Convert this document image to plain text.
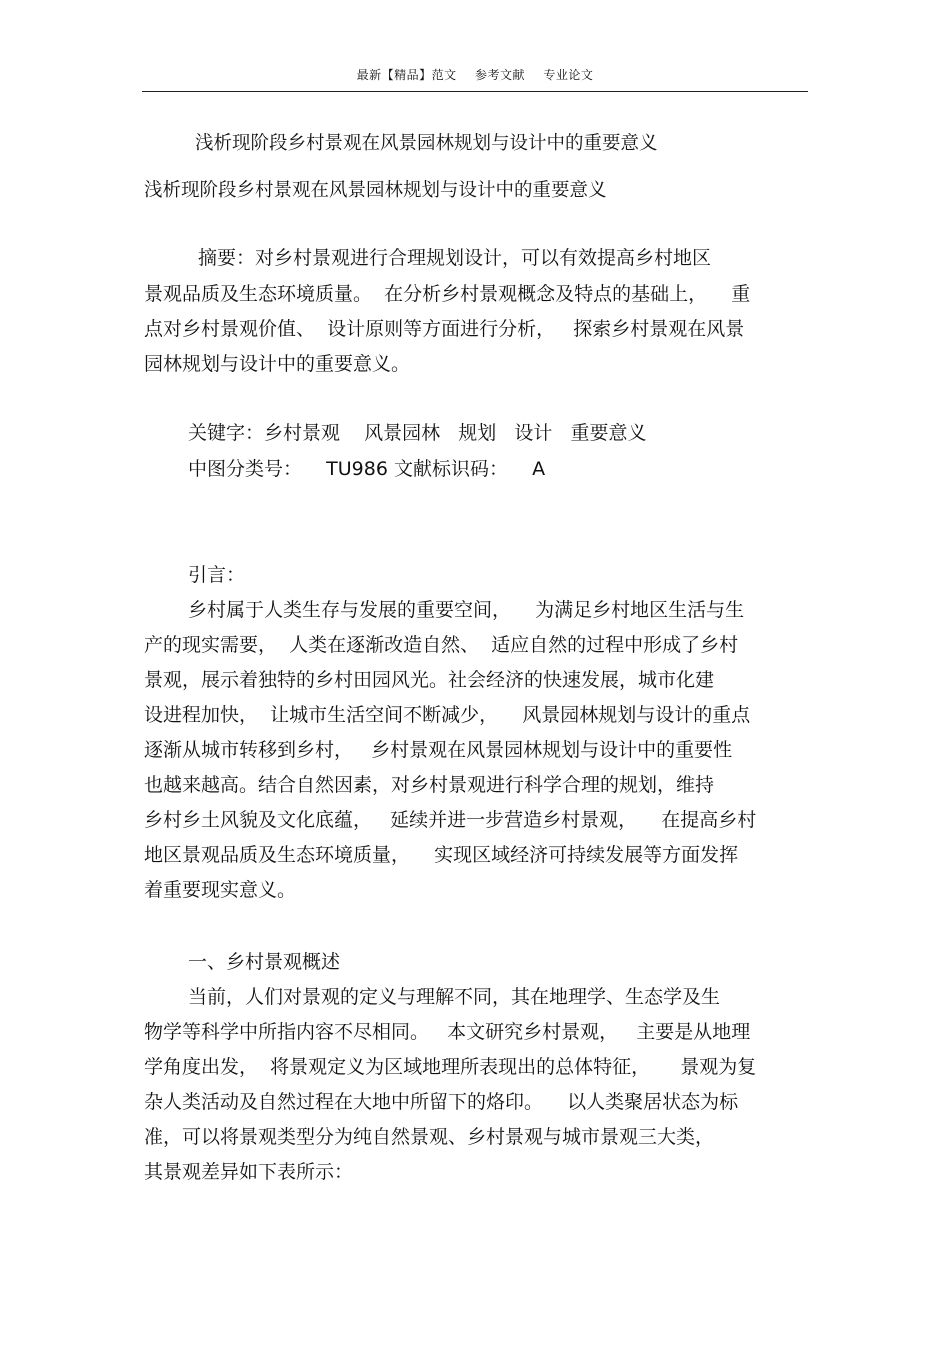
最新【精品】范文 参考文献 专业论文
浅析现阶段乡村景观在风景园林规划与设计中的重要意义
浅析现阶段乡村景观在风景园林规划与设计中的重要意义
摘要：对乡村景观进行合理规划设计，可以有效提高乡村地区
景观品质及生态环境质量。  在分析乡村景观概念及特点的基础上，    重
点对乡村景观价值、  设计原则等方面进行分析，   探索乡村景观在风景
园林规划与设计中的重要意义。
关键字：乡村景观    风景园林   规划   设计   重要意义
中图分类号：    TU986 文献标识码：    A
引言：
乡村属于人类生存与发展的重要空间，    为满足乡村地区生活与生
产的现实需要，  人类在逐渐改造自然、  适应自然的过程中形成了乡村
景观，展示着独特的乡村田园风光。社会经济的快速发展，城市化建
设进程加快，  让城市生活空间不断减少，    风景园林规划与设计的重点
逐渐从城市转移到乡村，   乡村景观在风景园林规划与设计中的重要性
也越来越高。结合自然因素，对乡村景观进行科学合理的规划，维持
乡村乡土风貌及文化底蕴，   延续并进一步营造乡村景观，    在提高乡村
地区景观品质及生态环境质量，    实现区域经济可持续发展等方面发挥
着重要现实意义。
一、乡村景观概述
当前，人们对景观的定义与理解不同，其在地理学、生态学及生
物学等科学中所指内容不尽相同。   本文研究乡村景观，   主要是从地理
学角度出发，  将景观定义为区域地理所表现出的总体特征，     景观为复
杂人类活动及自然过程在大地中所留下的烙印。    以人类聚居状态为标
准，可以将景观类型分为纯自然景观、乡村景观与城市景观三大类，
其景观差异如下表所示：
